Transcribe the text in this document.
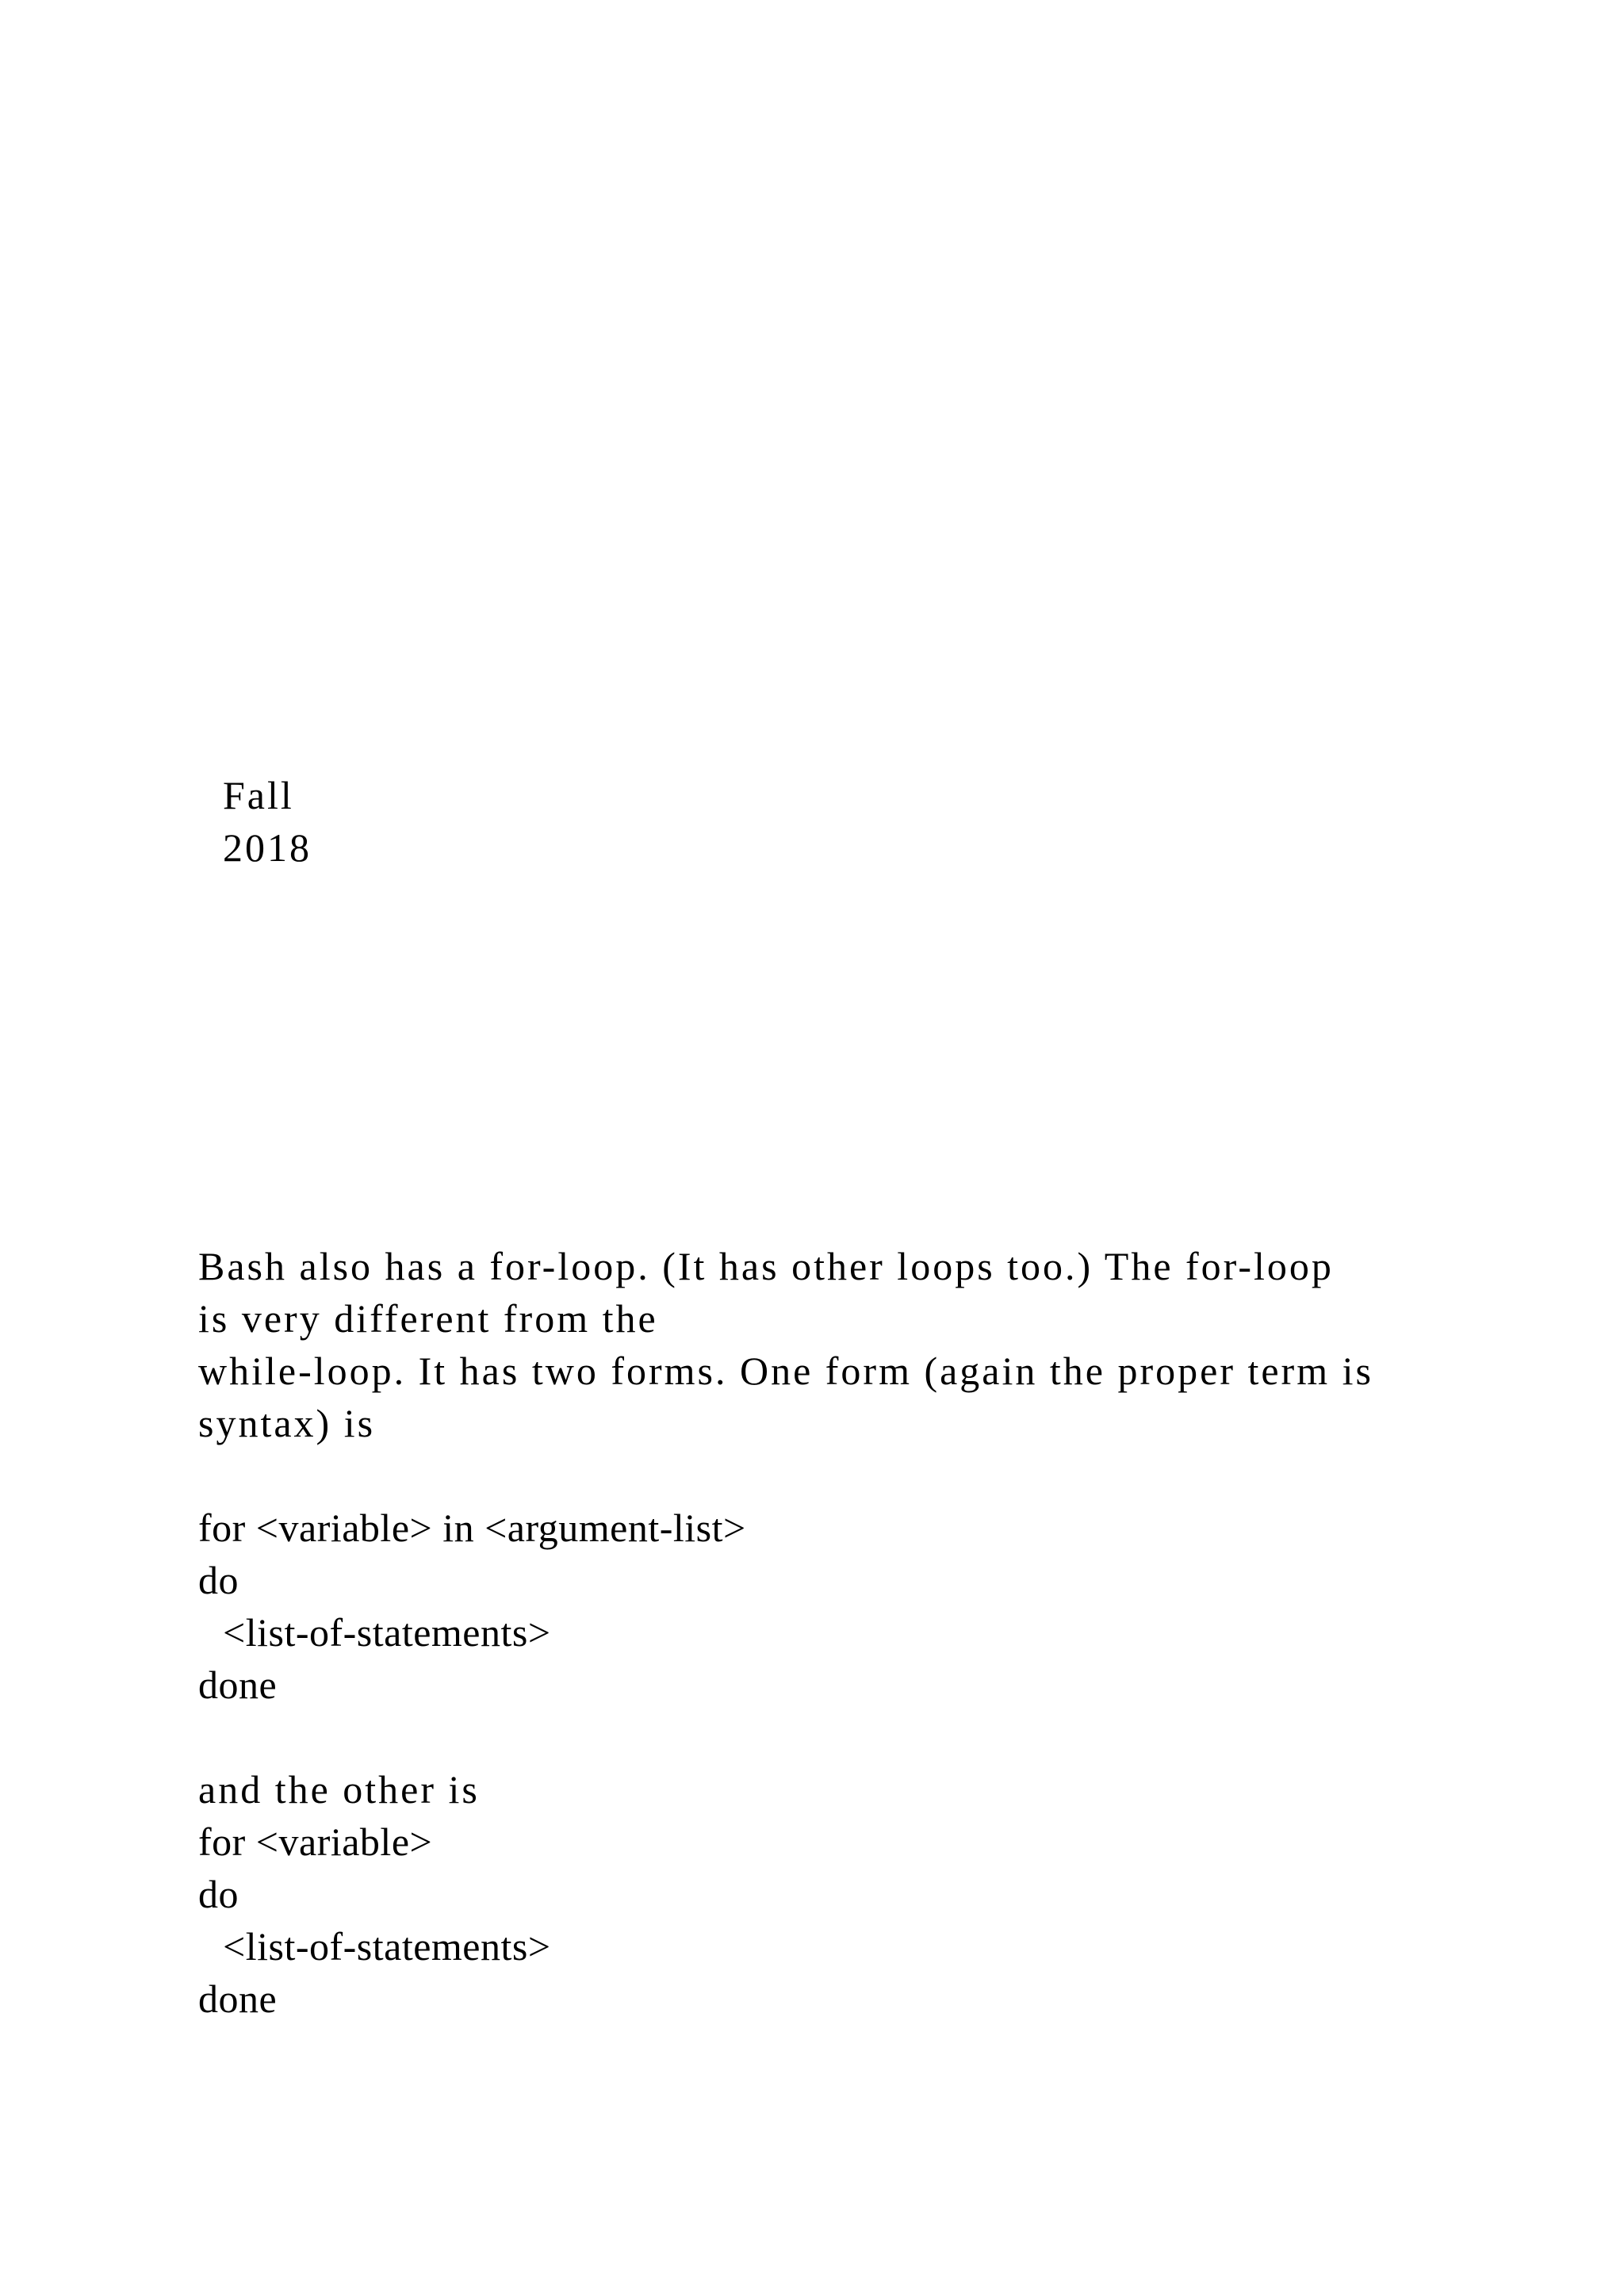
Fall
2018
Bash also has a for-loop. (It has other loops too.) The for-loop
is very different from the
while-loop. It has two forms. One form (again the proper term is
syntax) is
for <variable> in <argument-list>
do
<list-of-statements>
done
and the other is
for <variable>
do
<list-of-statements>
done
